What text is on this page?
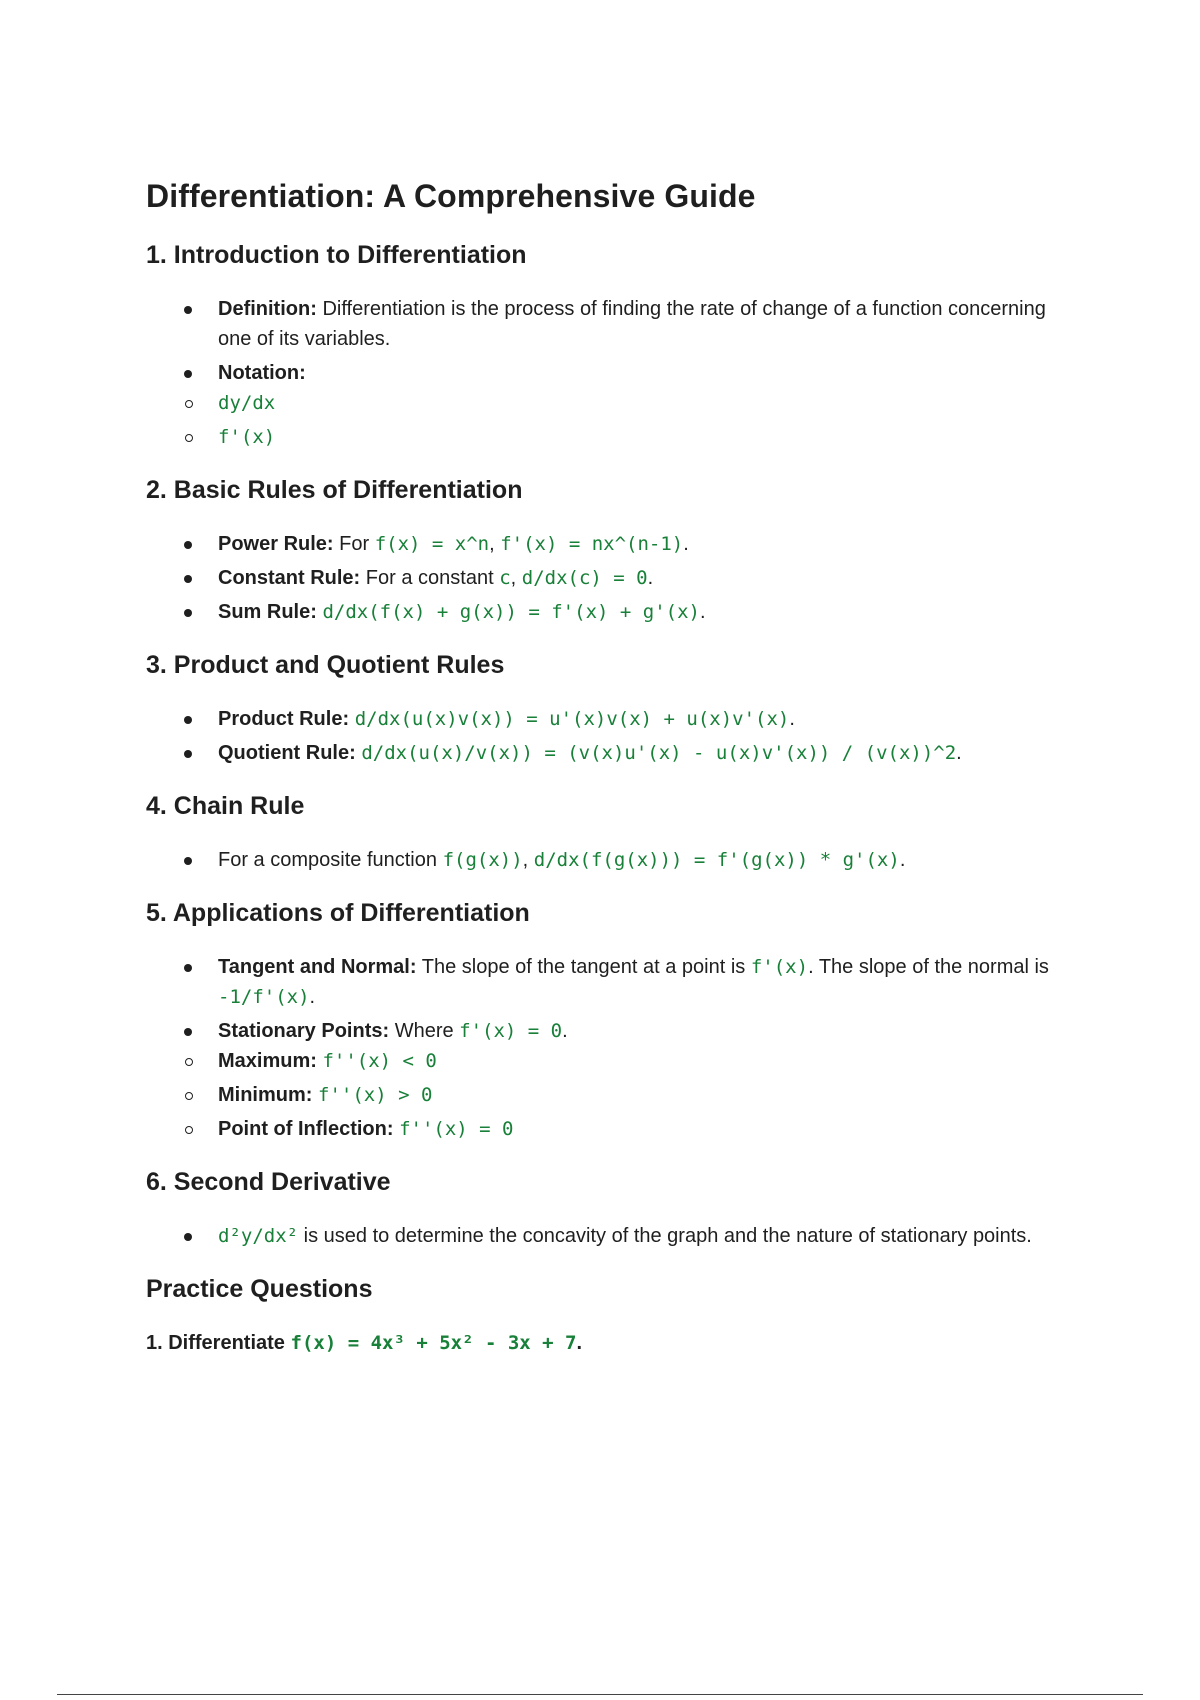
Differentiation: A Comprehensive Guide
1. Introduction to Differentiation
Definition: Differentiation is the process of finding the rate of change of a function concerning one of its variables.
Notation:
dy/dx
f'(x)
2. Basic Rules of Differentiation
Power Rule: For f(x) = x^n, f'(x) = nx^(n-1).
Constant Rule: For a constant c, d/dx(c) = 0.
Sum Rule: d/dx(f(x) + g(x)) = f'(x) + g'(x).
3. Product and Quotient Rules
Product Rule: d/dx(u(x)v(x)) = u'(x)v(x) + u(x)v'(x).
Quotient Rule: d/dx(u(x)/v(x)) = (v(x)u'(x) - u(x)v'(x)) / (v(x))^2.
4. Chain Rule
For a composite function f(g(x)), d/dx(f(g(x))) = f'(g(x)) * g'(x).
5. Applications of Differentiation
Tangent and Normal: The slope of the tangent at a point is f'(x). The slope of the normal is -1/f'(x).
Stationary Points: Where f'(x) = 0.
Maximum: f''(x) < 0
Minimum: f''(x) > 0
Point of Inflection: f''(x) = 0
6. Second Derivative
d²y/dx² is used to determine the concavity of the graph and the nature of stationary points.
Practice Questions
1. Differentiate f(x) = 4x³ + 5x² - 3x + 7.
